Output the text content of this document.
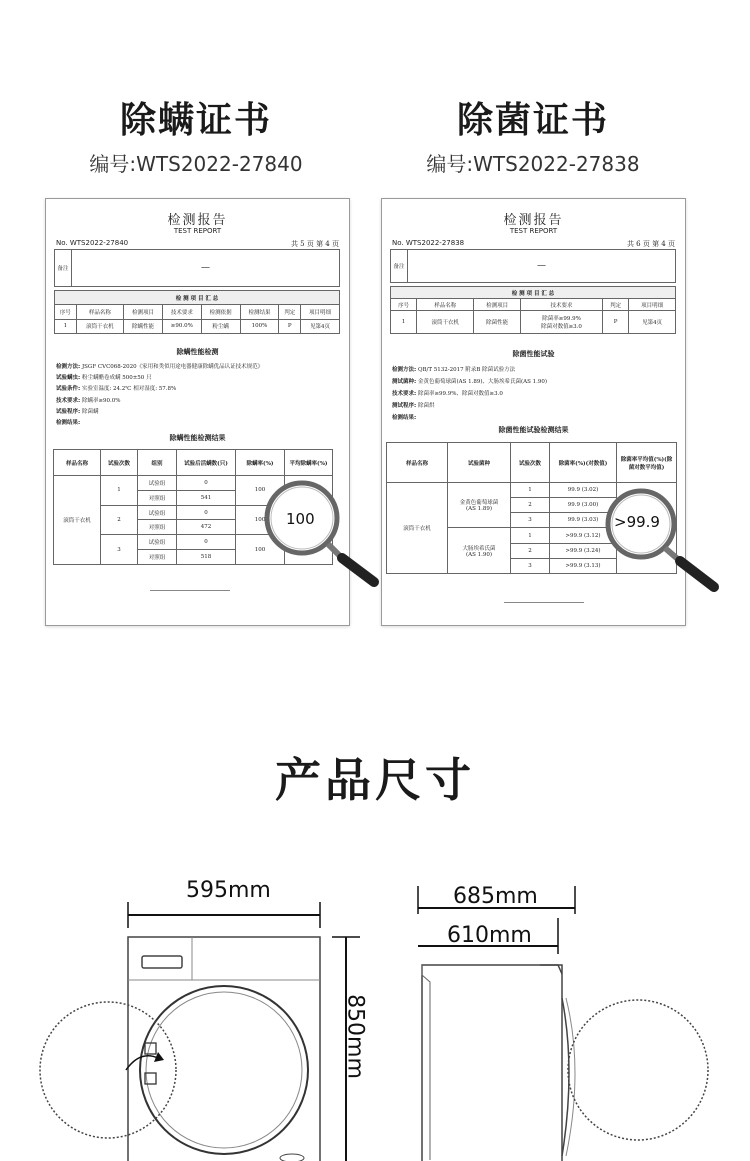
除螨证书
编号:WTS2022-27840
除菌证书
编号:WTS2022-27838
检测报告
TEST REPORT
No. WTS2022-27840	共 5 页 第 4 页
备注	—
检 测 项 目 汇 总							
序号	样品名称	检测项目	技术要求	检测依据	检测结果	判定	项目明细
1	滚筒干衣机	除螨性能	≥90.0%	粉尘螨	100%	P	见第4页
除螨性能检测
检测方法: JSGF CVC068-2020《家用和类似用途电器健康除螨优品认证技术规范》
试验螨虫: 粉尘螨醋卷成螨 500±50 只
试验条件: 实验室温度: 24.2℃ 相对湿度: 57.8%
技术要求: 除螨率≥90.0%
试验程序: 除菌螨
检测结果:
除螨性能检测结果
样品名称	试验次数	组别	试验后活螨数(只)	除螨率(%)	平均除螨率(%)
滚筒干衣机	1	试验组	0	100	
		对照组	541		
	2	试验组	0	100	
		对照组	472		
	3	试验组	0	100	
		对照组	518		
100
检测报告
TEST REPORT
No. WTS2022-27838	共 6 页 第 4 页
备注	—
检 测 项 目 汇 总					
序号	样品名称	检测项目	技术要求	判定	项目明细
1	滚筒干衣机	除菌性能	除菌率≥99.9%
除菌对数值≥3.0	P	见第4页
除菌性能试验
检测方法: QB/T 5132-2017 附录B 除菌试验方法
测试菌种: 金黄色葡萄球菌(AS 1.89)、大肠埃希氏菌(AS 1.90)
技术要求: 除菌率≥99.9%、除菌对数值≥3.0
测试程序: 除菌烘
检测结果:
除菌性能试验检测结果
样品名称	试验菌种	试验次数	除菌率(%)(对数值)	除菌率平均值(%)(除菌对数平均值)
滚筒干衣机	金黄色葡萄球菌
(AS 1.89)	1	99.9 (3.02)	
		2	99.9 (3.00)	
		3	99.9 (3.03)	
	大肠埃希氏菌
(AS 1.90)	1	>99.9 (3.12)	
		2	>99.9 (3.24)	
		3	>99.9 (3.13)	
>99.9
产品尺寸
595mm
850mm
685mm
610mm
